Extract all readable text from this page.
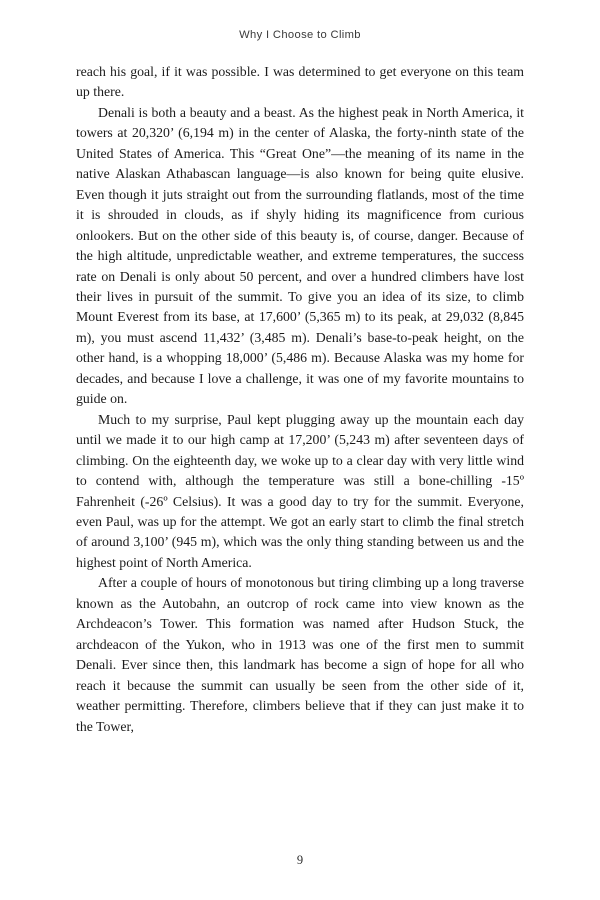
Why I Choose to Climb

reach his goal, if it was possible. I was determined to get everyone on this team up there.

Denali is both a beauty and a beast. As the highest peak in North America, it towers at 20,320’ (6,194 m) in the center of Alaska, the forty-ninth state of the United States of America. This “Great One”—the meaning of its name in the native Alaskan Athabascan language—is also known for being quite elusive. Even though it juts straight out from the surrounding flatlands, most of the time it is shrouded in clouds, as if shyly hiding its magnificence from curious onlookers. But on the other side of this beauty is, of course, danger. Because of the high altitude, unpredictable weather, and extreme temperatures, the success rate on Denali is only about 50 percent, and over a hundred climbers have lost their lives in pursuit of the summit. To give you an idea of its size, to climb Mount Everest from its base, at 17,600’ (5,365 m) to its peak, at 29,032 (8,845 m), you must ascend 11,432’ (3,485 m). Denali’s base-to-peak height, on the other hand, is a whopping 18,000’ (5,486 m). Because Alaska was my home for decades, and because I love a challenge, it was one of my favorite mountains to guide on.

Much to my surprise, Paul kept plugging away up the mountain each day until we made it to our high camp at 17,200’ (5,243 m) after seventeen days of climbing. On the eighteenth day, we woke up to a clear day with very little wind to contend with, although the temperature was still a bone-chilling -15º Fahrenheit (-26º Celsius). It was a good day to try for the summit. Everyone, even Paul, was up for the attempt. We got an early start to climb the final stretch of around 3,100’ (945 m), which was the only thing standing between us and the highest point of North America.

After a couple of hours of monotonous but tiring climbing up a long traverse known as the Autobahn, an outcrop of rock came into view known as the Archdeacon’s Tower. This formation was named after Hudson Stuck, the archdeacon of the Yukon, who in 1913 was one of the first men to summit Denali. Ever since then, this landmark has become a sign of hope for all who reach it because the summit can usually be seen from the other side of it, weather permitting. Therefore, climbers believe that if they can just make it to the Tower,

9
